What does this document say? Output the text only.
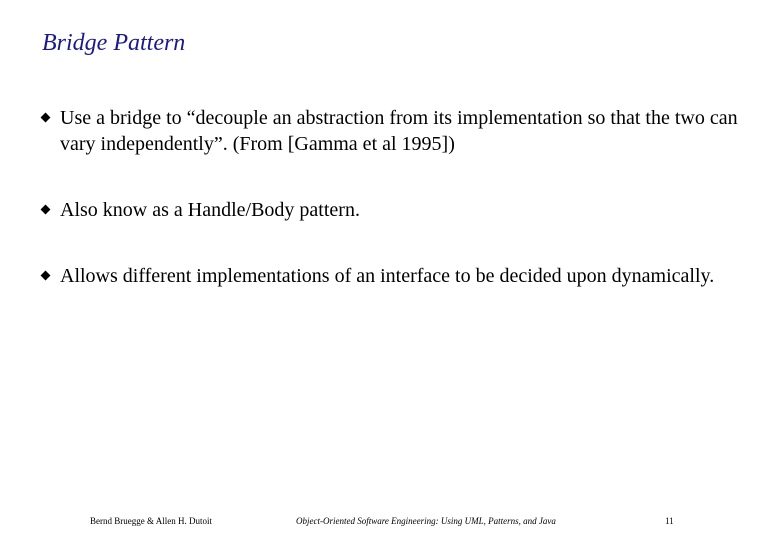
Bridge Pattern
Use a bridge to “decouple an abstraction from its implementation so that the two can vary independently”. (From [Gamma et al 1995])
Also know as a Handle/Body pattern.
Allows different implementations of an interface to be decided upon dynamically.
Bernd Bruegge & Allen H. Dutoit	Object-Oriented Software Engineering: Using UML, Patterns, and Java	11
